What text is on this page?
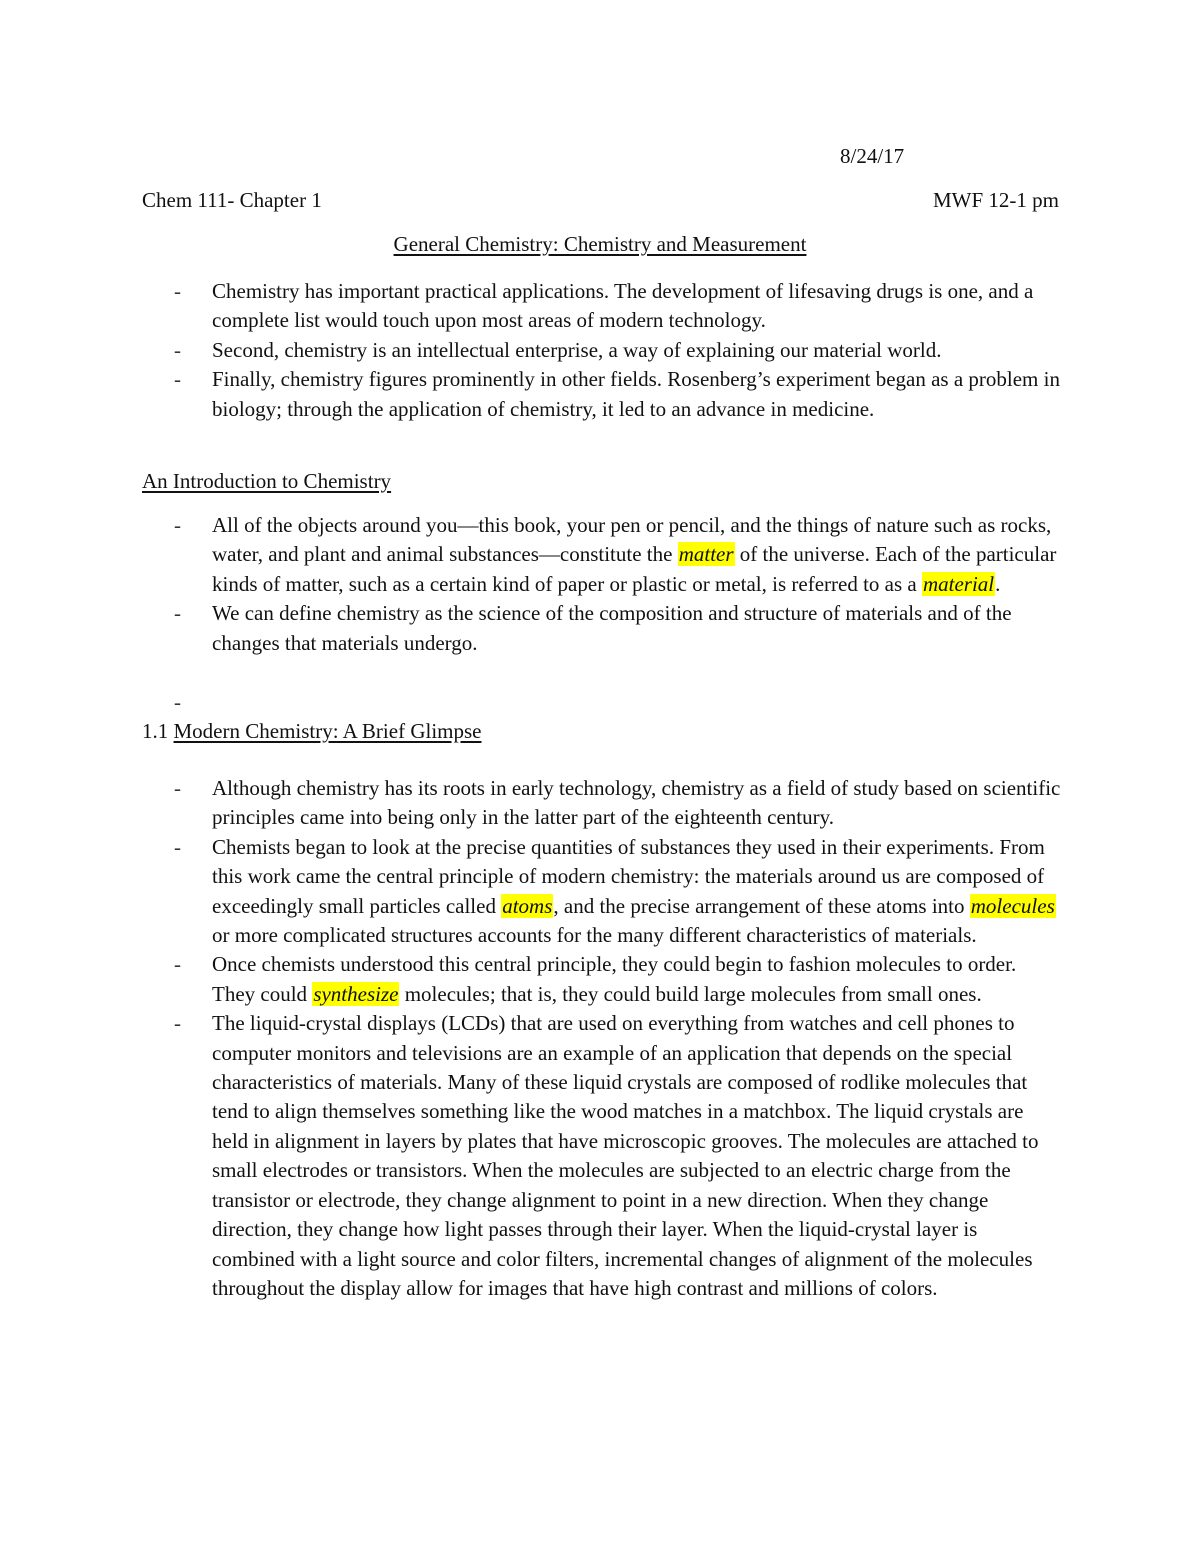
8/24/17
Chem 111- Chapter 1	MWF 12-1 pm
General Chemistry: Chemistry and Measurement
- Chemistry has important practical applications. The development of lifesaving drugs is one, and a complete list would touch upon most areas of modern technology.
- Second, chemistry is an intellectual enterprise, a way of explaining our material world.
- Finally, chemistry figures prominently in other fields. Rosenberg’s experiment began as a problem in biology; through the application of chemistry, it led to an advance in medicine.
An Introduction to Chemistry
- All of the objects around you—this book, your pen or pencil, and the things of nature such as rocks, water, and plant and animal substances—constitute the matter of the universe. Each of the particular kinds of matter, such as a certain kind of paper or plastic or metal, is referred to as a material.
- We can define chemistry as the science of the composition and structure of materials and of the changes that materials undergo.
-
1.1 Modern Chemistry: A Brief Glimpse
- Although chemistry has its roots in early technology, chemistry as a field of study based on scientific principles came into being only in the latter part of the eighteenth century.
- Chemists began to look at the precise quantities of substances they used in their experiments. From this work came the central principle of modern chemistry: the materials around us are composed of exceedingly small particles called atoms, and the precise arrangement of these atoms into molecules or more complicated structures accounts for the many different characteristics of materials.
- Once chemists understood this central principle, they could begin to fashion molecules to order. They could synthesize molecules; that is, they could build large molecules from small ones.
- The liquid-crystal displays (LCDs) that are used on everything from watches and cell phones to computer monitors and televisions are an example of an application that depends on the special characteristics of materials. Many of these liquid crystals are composed of rodlike molecules that tend to align themselves something like the wood matches in a matchbox. The liquid crystals are held in alignment in layers by plates that have microscopic grooves. The molecules are attached to small electrodes or transistors. When the molecules are subjected to an electric charge from the transistor or electrode, they change alignment to point in a new direction. When they change direction, they change how light passes through their layer. When the liquid-crystal layer is combined with a light source and color filters, incremental changes of alignment of the molecules throughout the display allow for images that have high contrast and millions of colors.
